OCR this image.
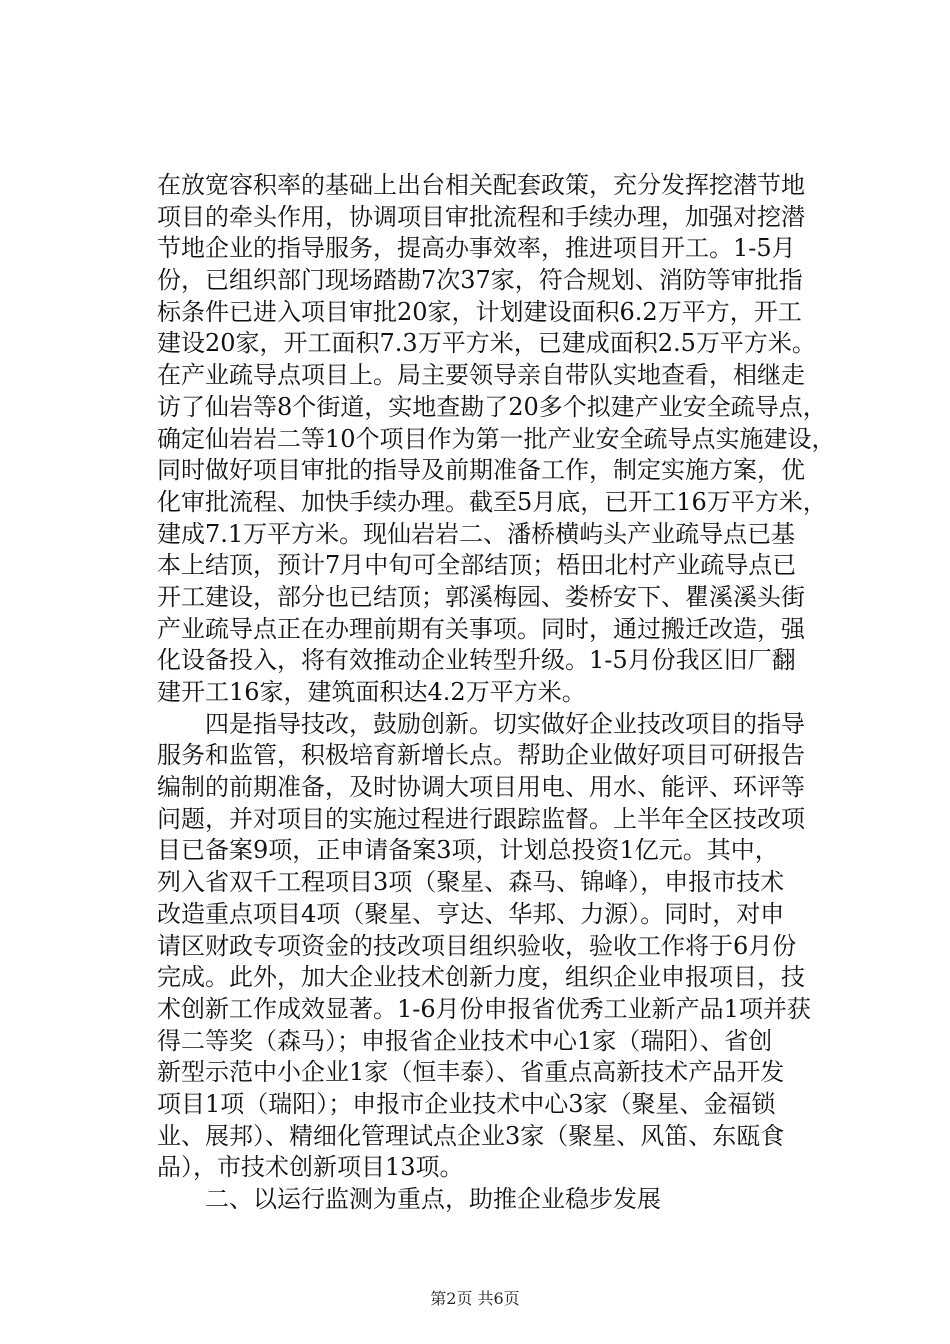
在放宽容积率的基础上出台相关配套政策，充分发挥挖潜节地
项目的牵头作用，协调项目审批流程和手续办理，加强对挖潜
节地企业的指导服务，提高办事效率，推进项目开工。1-5月
份，已组织部门现场踏勘7次37家，符合规划、消防等审批指
标条件已进入项目审批20家，计划建设面积6.2万平方，开工
建设20家，开工面积7.3万平方米，已建成面积2.5万平方米。
在产业疏导点项目上。局主要领导亲自带队实地查看，相继走
访了仙岩等8个街道，实地查勘了20多个拟建产业安全疏导点，
确定仙岩岩二等10个项目作为第一批产业安全疏导点实施建设，
同时做好项目审批的指导及前期准备工作，制定实施方案，优
化审批流程、加快手续办理。截至5月底，已开工16万平方米，
建成7.1万平方米。现仙岩岩二、潘桥横屿头产业疏导点已基
本上结顶，预计7月中旬可全部结顶；梧田北村产业疏导点已
开工建设，部分也已结顶；郭溪梅园、娄桥安下、瞿溪溪头街
产业疏导点正在办理前期有关事项。同时，通过搬迁改造，强
化设备投入，将有效推动企业转型升级。1-5月份我区旧厂翻
建开工16家，建筑面积达4.2万平方米。
　　四是指导技改，鼓励创新。切实做好企业技改项目的指导
服务和监管，积极培育新增长点。帮助企业做好项目可研报告
编制的前期准备，及时协调大项目用电、用水、能评、环评等
问题，并对项目的实施过程进行跟踪监督。上半年全区技改项
目已备案9项，正申请备案3项，计划总投资1亿元。其中，
列入省双千工程项目3项（聚星、森马、锦峰），申报市技术
改造重点项目4项（聚星、亨达、华邦、力源）。同时，对申
请区财政专项资金的技改项目组织验收，验收工作将于6月份
完成。此外，加大企业技术创新力度，组织企业申报项目，技
术创新工作成效显著。1-6月份申报省优秀工业新产品1项并获
得二等奖（森马）；申报省企业技术中心1家（瑞阳）、省创
新型示范中小企业1家（恒丰泰）、省重点高新技术产品开发
项目1项（瑞阳）；申报市企业技术中心3家（聚星、金福锁
业、展邦）、精细化管理试点企业3家（聚星、风笛、东瓯食
品），市技术创新项目13项。
　　二、以运行监测为重点，助推企业稳步发展
第2页 共6页
